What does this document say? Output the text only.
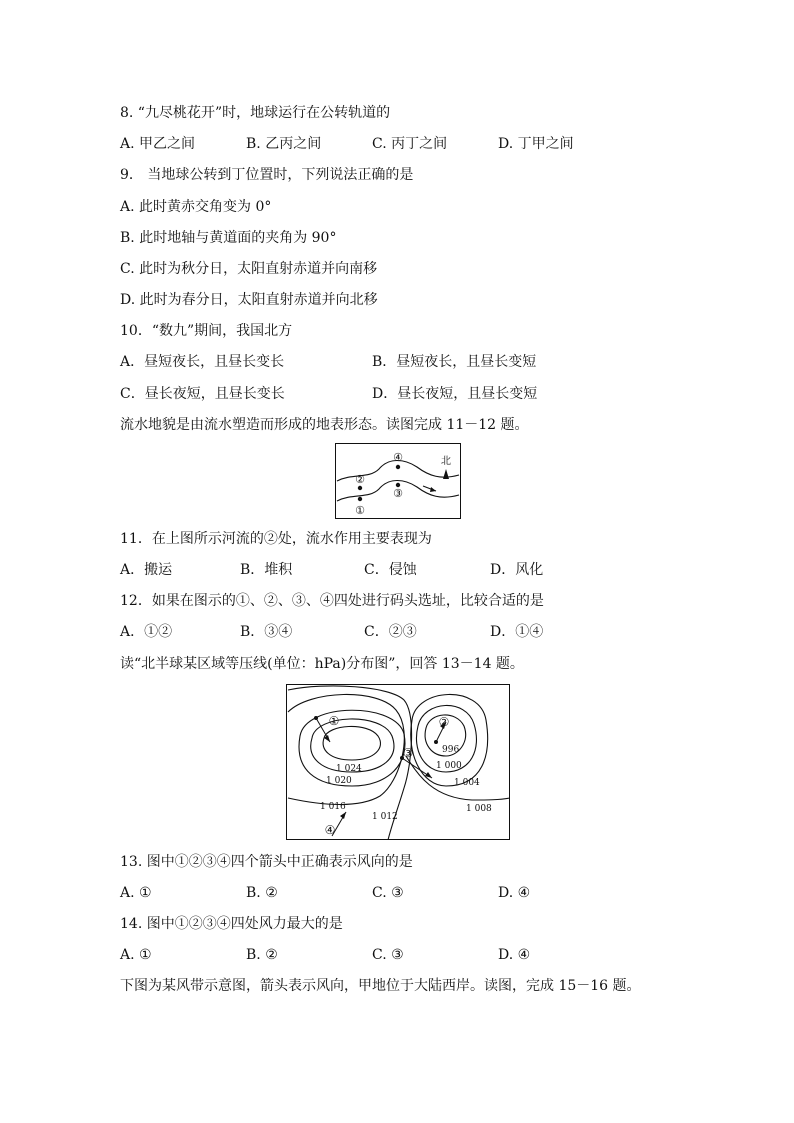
8. “九尽桃花开”时，地球运行在公转轨道的
A. 甲乙之间	B. 乙丙之间	C. 丙丁之间	D. 丁甲之间
9． 当地球公转到丁位置时，下列说法正确的是
A. 此时黄赤交角变为 0°
B. 此时地轴与黄道面的夹角为 90°
C. 此时为秋分日，太阳直射赤道并向南移
D. 此时为春分日，太阳直射赤道并向北移
10．“数九”期间，我国北方
A．昼短夜长，且昼长变长	B．昼短夜长，且昼长变短
C．昼长夜短，且昼长变长	D．昼长夜短，且昼长变短
流水地貌是由流水塑造而形成的地表形态。读图完成 11－12 题。
②
①
④
③
北
11．在上图所示河流的②处，流水作用主要表现为
A．搬运	B．堆积	C．侵蚀	D．风化
12．如果在图示的①、②、③、④四处进行码头选址，比较合适的是
A．①②	B．③④	C．②③	D．①④
读“北半球某区域等压线(单位：hPa)分布图”，回答 13－14 题。
①	②
③
④
1 024
1 020
1 016
1 012
1 008
1 004
1 000
996
13. 图中①②③④四个箭头中正确表示风向的是
A. ①	B. ②	C. ③	D. ④
14. 图中①②③④四处风力最大的是
A. ①	B. ②	C. ③	D. ④
下图为某风带示意图，箭头表示风向，甲地位于大陆西岸。读图，完成 15－16 题。
